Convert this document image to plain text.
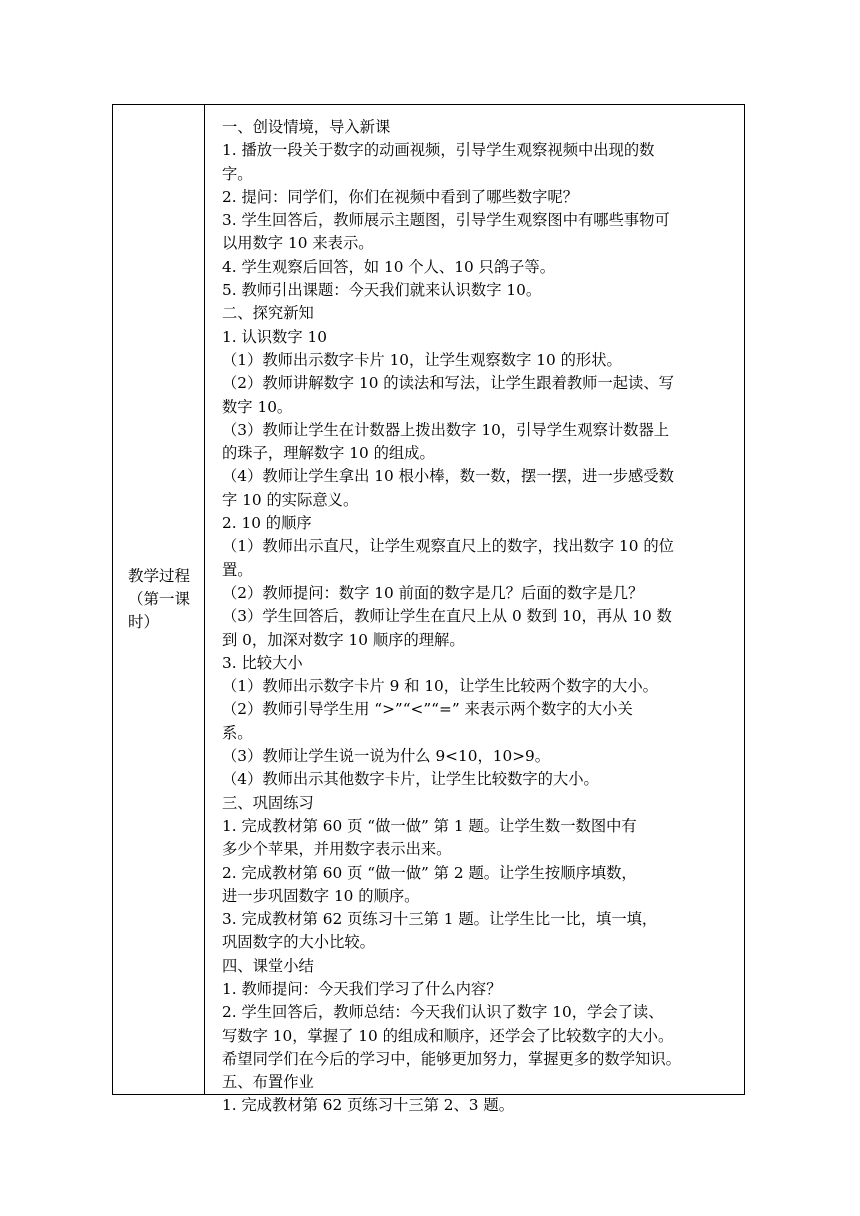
教学过程（第一课时）
一、创设情境，导入新课
1. 播放一段关于数字的动画视频，引导学生观察视频中出现的数
字。
2. 提问：同学们，你们在视频中看到了哪些数字呢？
3. 学生回答后，教师展示主题图，引导学生观察图中有哪些事物可
以用数字 10 来表示。
4. 学生观察后回答，如 10 个人、10 只鸽子等。
5. 教师引出课题：今天我们就来认识数字 10。
二、探究新知
1. 认识数字 10
（1）教师出示数字卡片 10，让学生观察数字 10 的形状。
（2）教师讲解数字 10 的读法和写法，让学生跟着教师一起读、写
数字 10。
（3）教师让学生在计数器上拨出数字 10，引导学生观察计数器上
的珠子，理解数字 10 的组成。
（4）教师让学生拿出 10 根小棒，数一数，摆一摆，进一步感受数
字 10 的实际意义。
2. 10 的顺序
（1）教师出示直尺，让学生观察直尺上的数字，找出数字 10 的位
置。
（2）教师提问：数字 10 前面的数字是几？后面的数字是几？
（3）学生回答后，教师让学生在直尺上从 0 数到 10，再从 10 数
到 0，加深对数字 10 顺序的理解。
3. 比较大小
（1）教师出示数字卡片 9 和 10，让学生比较两个数字的大小。
（2）教师引导学生用 “>”“<”“=” 来表示两个数字的大小关
系。
（3）教师让学生说一说为什么 9<10，10>9。
（4）教师出示其他数字卡片，让学生比较数字的大小。
三、巩固练习
1. 完成教材第 60 页 “做一做” 第 1 题。让学生数一数图中有
多少个苹果，并用数字表示出来。
2. 完成教材第 60 页 “做一做” 第 2 题。让学生按顺序填数，
进一步巩固数字 10 的顺序。
3. 完成教材第 62 页练习十三第 1 题。让学生比一比，填一填，
巩固数字的大小比较。
四、课堂小结
1. 教师提问：今天我们学习了什么内容？
2. 学生回答后，教师总结：今天我们认识了数字 10，学会了读、
写数字 10，掌握了 10 的组成和顺序，还学会了比较数字的大小。
希望同学们在今后的学习中，能够更加努力，掌握更多的数学知识。
五、布置作业
1. 完成教材第 62 页练习十三第 2、3 题。
